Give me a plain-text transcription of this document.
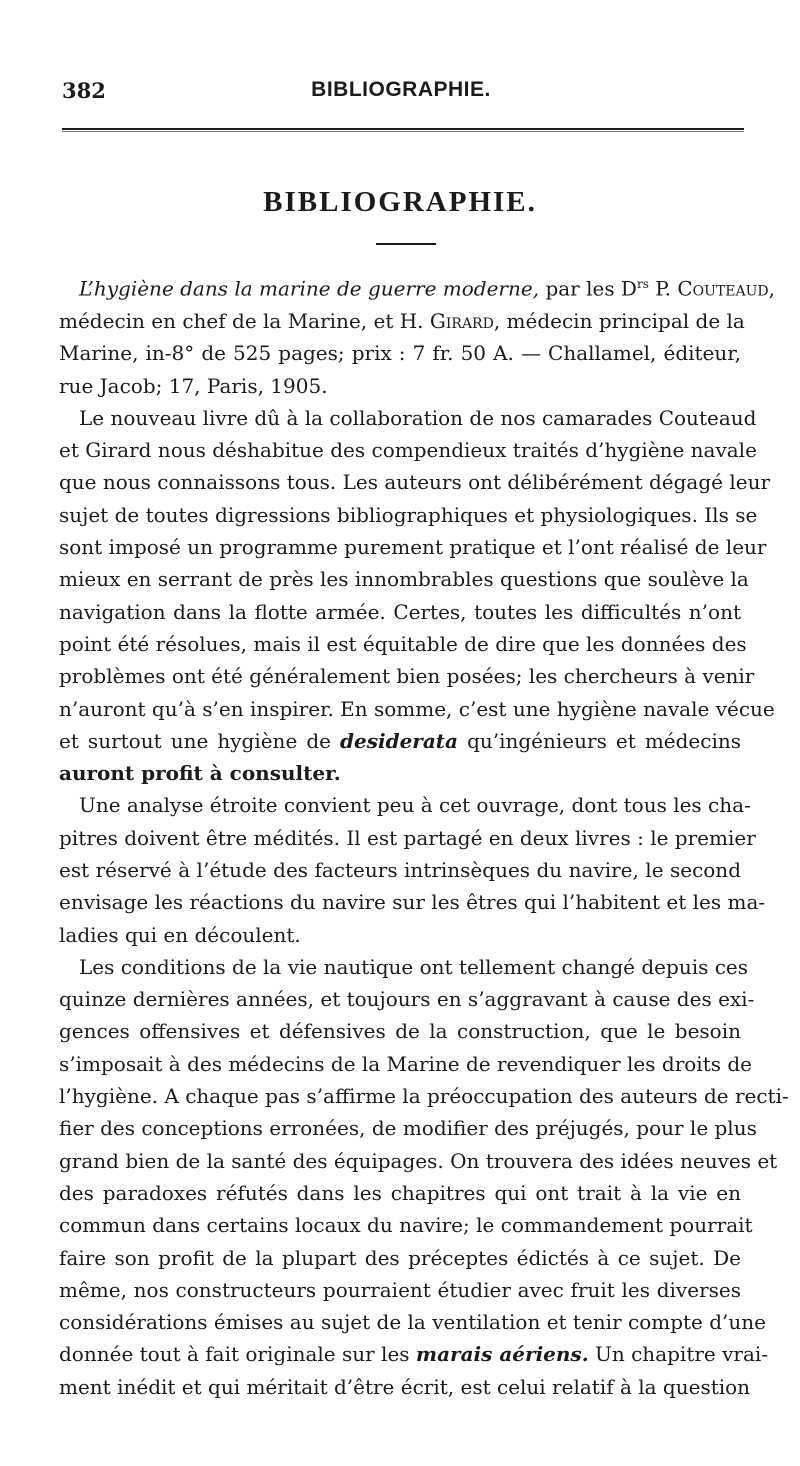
382	BIBLIOGRAPHIE.
BIBLIOGRAPHIE.

L’hygiène dans la marine de guerre moderne, par les $D^{rs}$ P. Couteaud,
médecin en chef de la Marine, et H. Girard, médecin principal de la
Marine, in-8° de 525 pages; prix : 7 fr. 50 A. — Challamel, éditeur,
rue Jacob; 17, Paris, 1905.

Le nouveau livre dû à la collaboration de nos camarades Couteaud
et Girard nous déshabitue des compendieux traités d’hygiène navale
que nous connaissons tous. Les auteurs ont délibérément dégagé leur
sujet de toutes digressions bibliographiques et physiologiques. Ils se
sont imposé un programme purement pratique et l’ont réalisé de leur
mieux en serrant de près les innombrables questions que soulève la
navigation dans la flotte armée. Certes, toutes les difficultés n’ont
point été résolues, mais il est équitable de dire que les données des
problèmes ont été généralement bien posées; les chercheurs à venir
n’auront qu’à s’en inspirer. En somme, c’est une hygiène navale vécue
et surtout une hygiène de desiderata qu’ingénieurs et médecins
auront profit à consulter.

Une analyse étroite convient peu à cet ouvrage, dont tous les cha-
pitres doivent être médités. Il est partagé en deux livres : le premier
est réservé à l’étude des facteurs intrinsèques du navire, le second
envisage les réactions du navire sur les êtres qui l’habitent et les ma-
ladies qui en découlent.

Les conditions de la vie nautique ont tellement changé depuis ces
quinze dernières années, et toujours en s’aggravant à cause des exi-
gences offensives et défensives de la construction, que le besoin
s’imposait à des médecins de la Marine de revendiquer les droits de
l’hygiène. A chaque pas s’affirme la préoccupation des auteurs de recti-
fier des conceptions erronées, de modifier des préjugés, pour le plus
grand bien de la santé des équipages. On trouvera des idées neuves et
des paradoxes réfutés dans les chapitres qui ont trait à la vie en
commun dans certains locaux du navire; le commandement pourrait
faire son profit de la plupart des préceptes édictés à ce sujet. De
même, nos constructeurs pourraient étudier avec fruit les diverses
considérations émises au sujet de la ventilation et tenir compte d’une
donnée tout à fait originale sur les marais aériens. Un chapitre vrai-
ment inédit et qui méritait d’être écrit, est celui relatif à la question
